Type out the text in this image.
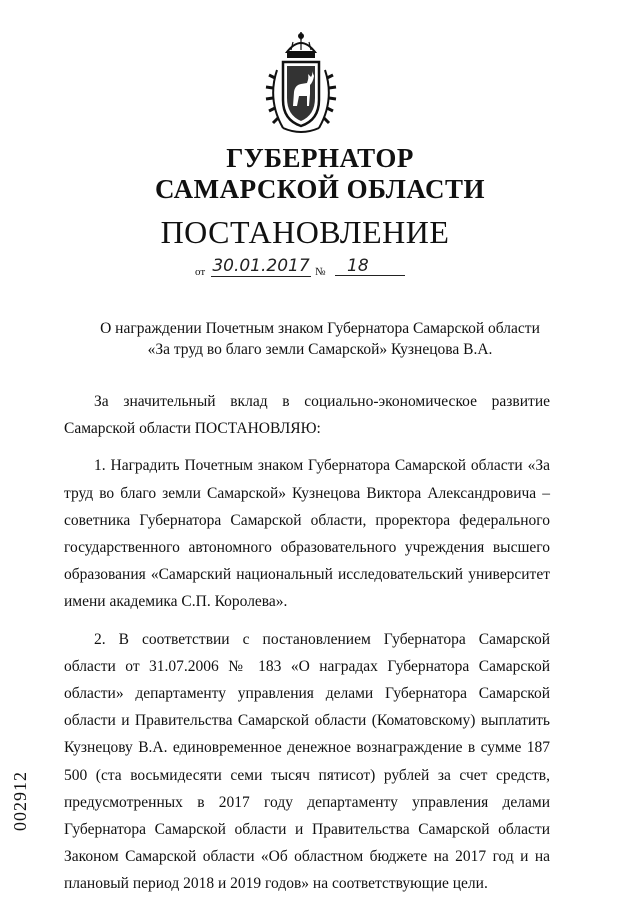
ГУБЕРНАТОР
САМАРСКОЙ ОБЛАСТИ
ПОСТАНОВЛЕНИЕ
от 30.01.2017 №	18
О награждении Почетным знаком Губернатора Самарской области
«За труд во благо земли Самарской» Кузнецова В.А.

За значительный вклад в социально-экономическое развитие Самарской области ПОСТАНОВЛЯЮ:

1. Наградить Почетным знаком Губернатора Самарской области «За труд во благо земли Самарской» Кузнецова Виктора Александровича – советника Губернатора Самарской области, проректора федерального государственного автономного образовательного учреждения высшего образования «Самарский национальный исследовательский университет имени академика С.П. Королева».

2. В соответствии с постановлением Губернатора Самарской области от 31.07.2006 № 183 «О наградах Губернатора Самарской области» департаменту управления делами Губернатора Самарской области и Правительства Самарской области (Коматовскому) выплатить Кузнецову В.А. единовременное денежное вознаграждение в сумме 187 500 (ста восьмидесяти семи тысяч пятисот) рублей за счет средств, предусмотренных в 2017 году департаменту управления делами Губернатора Самарской области и Правительства Самарской области Законом Самарской области «Об областном бюджете на 2017 год и на плановый период 2018 и 2019 годов» на соответствующие цели.

002912
